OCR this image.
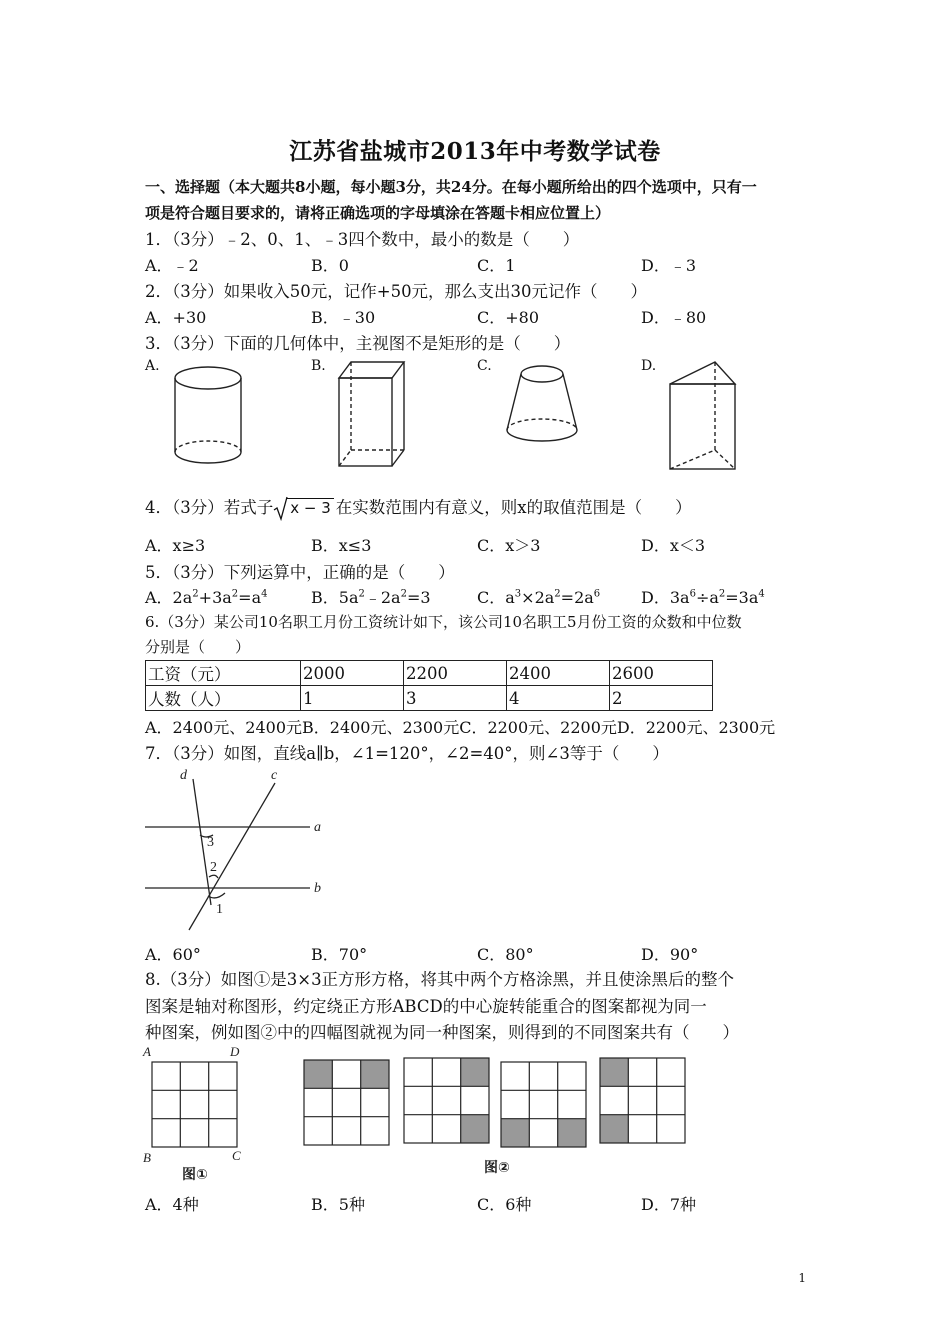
江苏省盐城市2013年中考数学试卷
一、选择题（本大题共8小题，每小题3分，共24分。在每小题所给出的四个选项中，只有一
项是符合题目要求的，请将正确选项的字母填涂在答题卡相应位置上）
1．（3分）﹣2、0、1、﹣3四个数中，最小的数是（　　）
A．﹣2	B．0	C．1	D．﹣3
2．（3分）如果收入50元，记作+50元，那么支出30元记作（　　）
A．+30	B．﹣30	C．+80	D．﹣80
3．（3分）下面的几何体中，主视图不是矩形的是（　　）
A.	B.	C.	D.
4．（3分）若式子 x − 3 在实数范围内有意义，则x的取值范围是（　　）
A．x≥3	B．x≤3	C．x＞3	D．x＜3
5．（3分）下列运算中，正确的是（　　）
A．$2a^2+3a^2=a^4$	B．$5a^2﹣2a^2=3$	C．$a^3\times 2a^2=2a^6$	D．$3a^6\div a^2=3a^4$
6.（3分）某公司10名职工月份工资统计如下，该公司10名职工5月份工资的众数和中位数
分别是（　　）
工资（元）	2000	2200	2400	2600
人数（人）	1	3	4	2
A．2400元、2400元B．2400元、2300元C．2200元、2200元D．2200元、2300元
7．（3分）如图，直线a∥b，∠1=120°，∠2=40°，则∠3等于（　　）
d	c
a
b
3
2
1
A．60°	B．70°	C．80°	D．90°
8.（3分）如图①是3×3正方形方格，将其中两个方格涂黑，并且使涂黑后的整个
图案是轴对称图形，约定绕正方形ABCD的中心旋转能重合的图案都视为同一
种图案，例如图②中的四幅图就视为同一种图案，则得到的不同图案共有（　　）
A	D
B	C
图①	图②
A．4种	B．5种	C．6种	D．7种
1
